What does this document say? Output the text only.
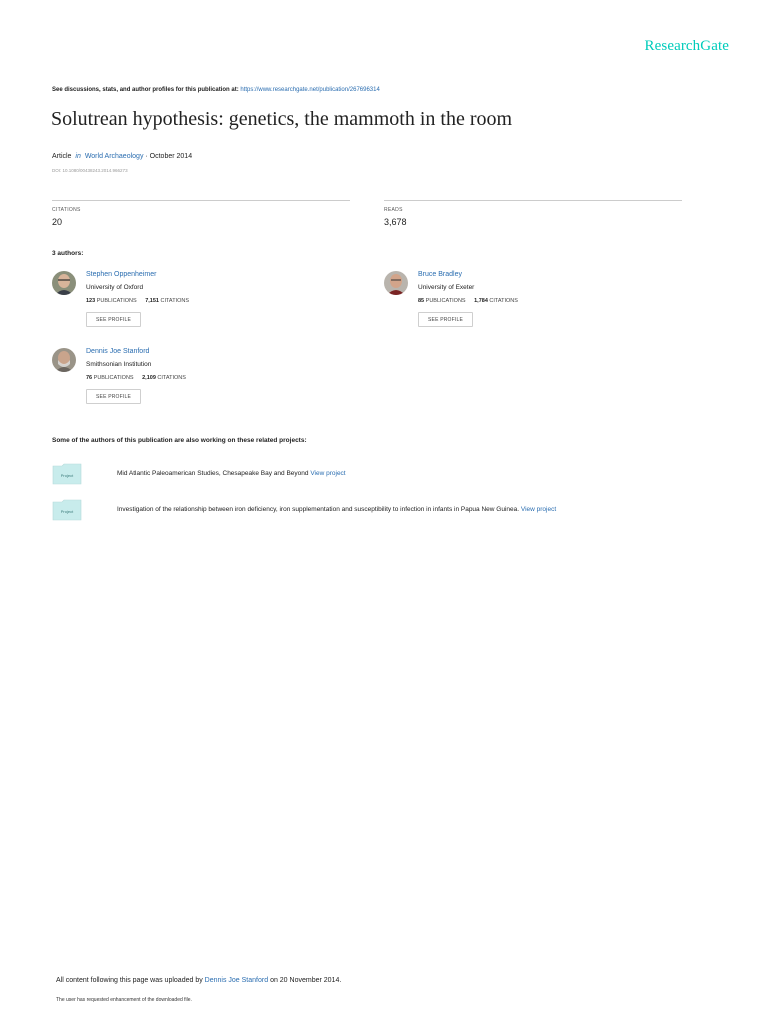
ResearchGate
See discussions, stats, and author profiles for this publication at: https://www.researchgate.net/publication/267696314
Solutrean hypothesis: genetics, the mammoth in the room
Article in World Archaeology · October 2014
DOI: 10.1080/00438243.2014.966273
CITATIONS
20
READS
3,678
3 authors:
Stephen Oppenheimer
University of Oxford
123 PUBLICATIONS 7,151 CITATIONS
SEE PROFILE
Bruce Bradley
University of Exeter
85 PUBLICATIONS 1,784 CITATIONS
SEE PROFILE
Dennis Joe Stanford
Smithsonian Institution
76 PUBLICATIONS 2,109 CITATIONS
SEE PROFILE
Some of the authors of this publication are also working on these related projects:
Project	Mid Atlantic Paleoamerican Studies, Chesapeake Bay and Beyond View project
Project	Investigation of the relationship between iron deficiency, iron supplementation and susceptibility to infection in infants in Papua New Guinea. View project
All content following this page was uploaded by Dennis Joe Stanford on 20 November 2014.
The user has requested enhancement of the downloaded file.
